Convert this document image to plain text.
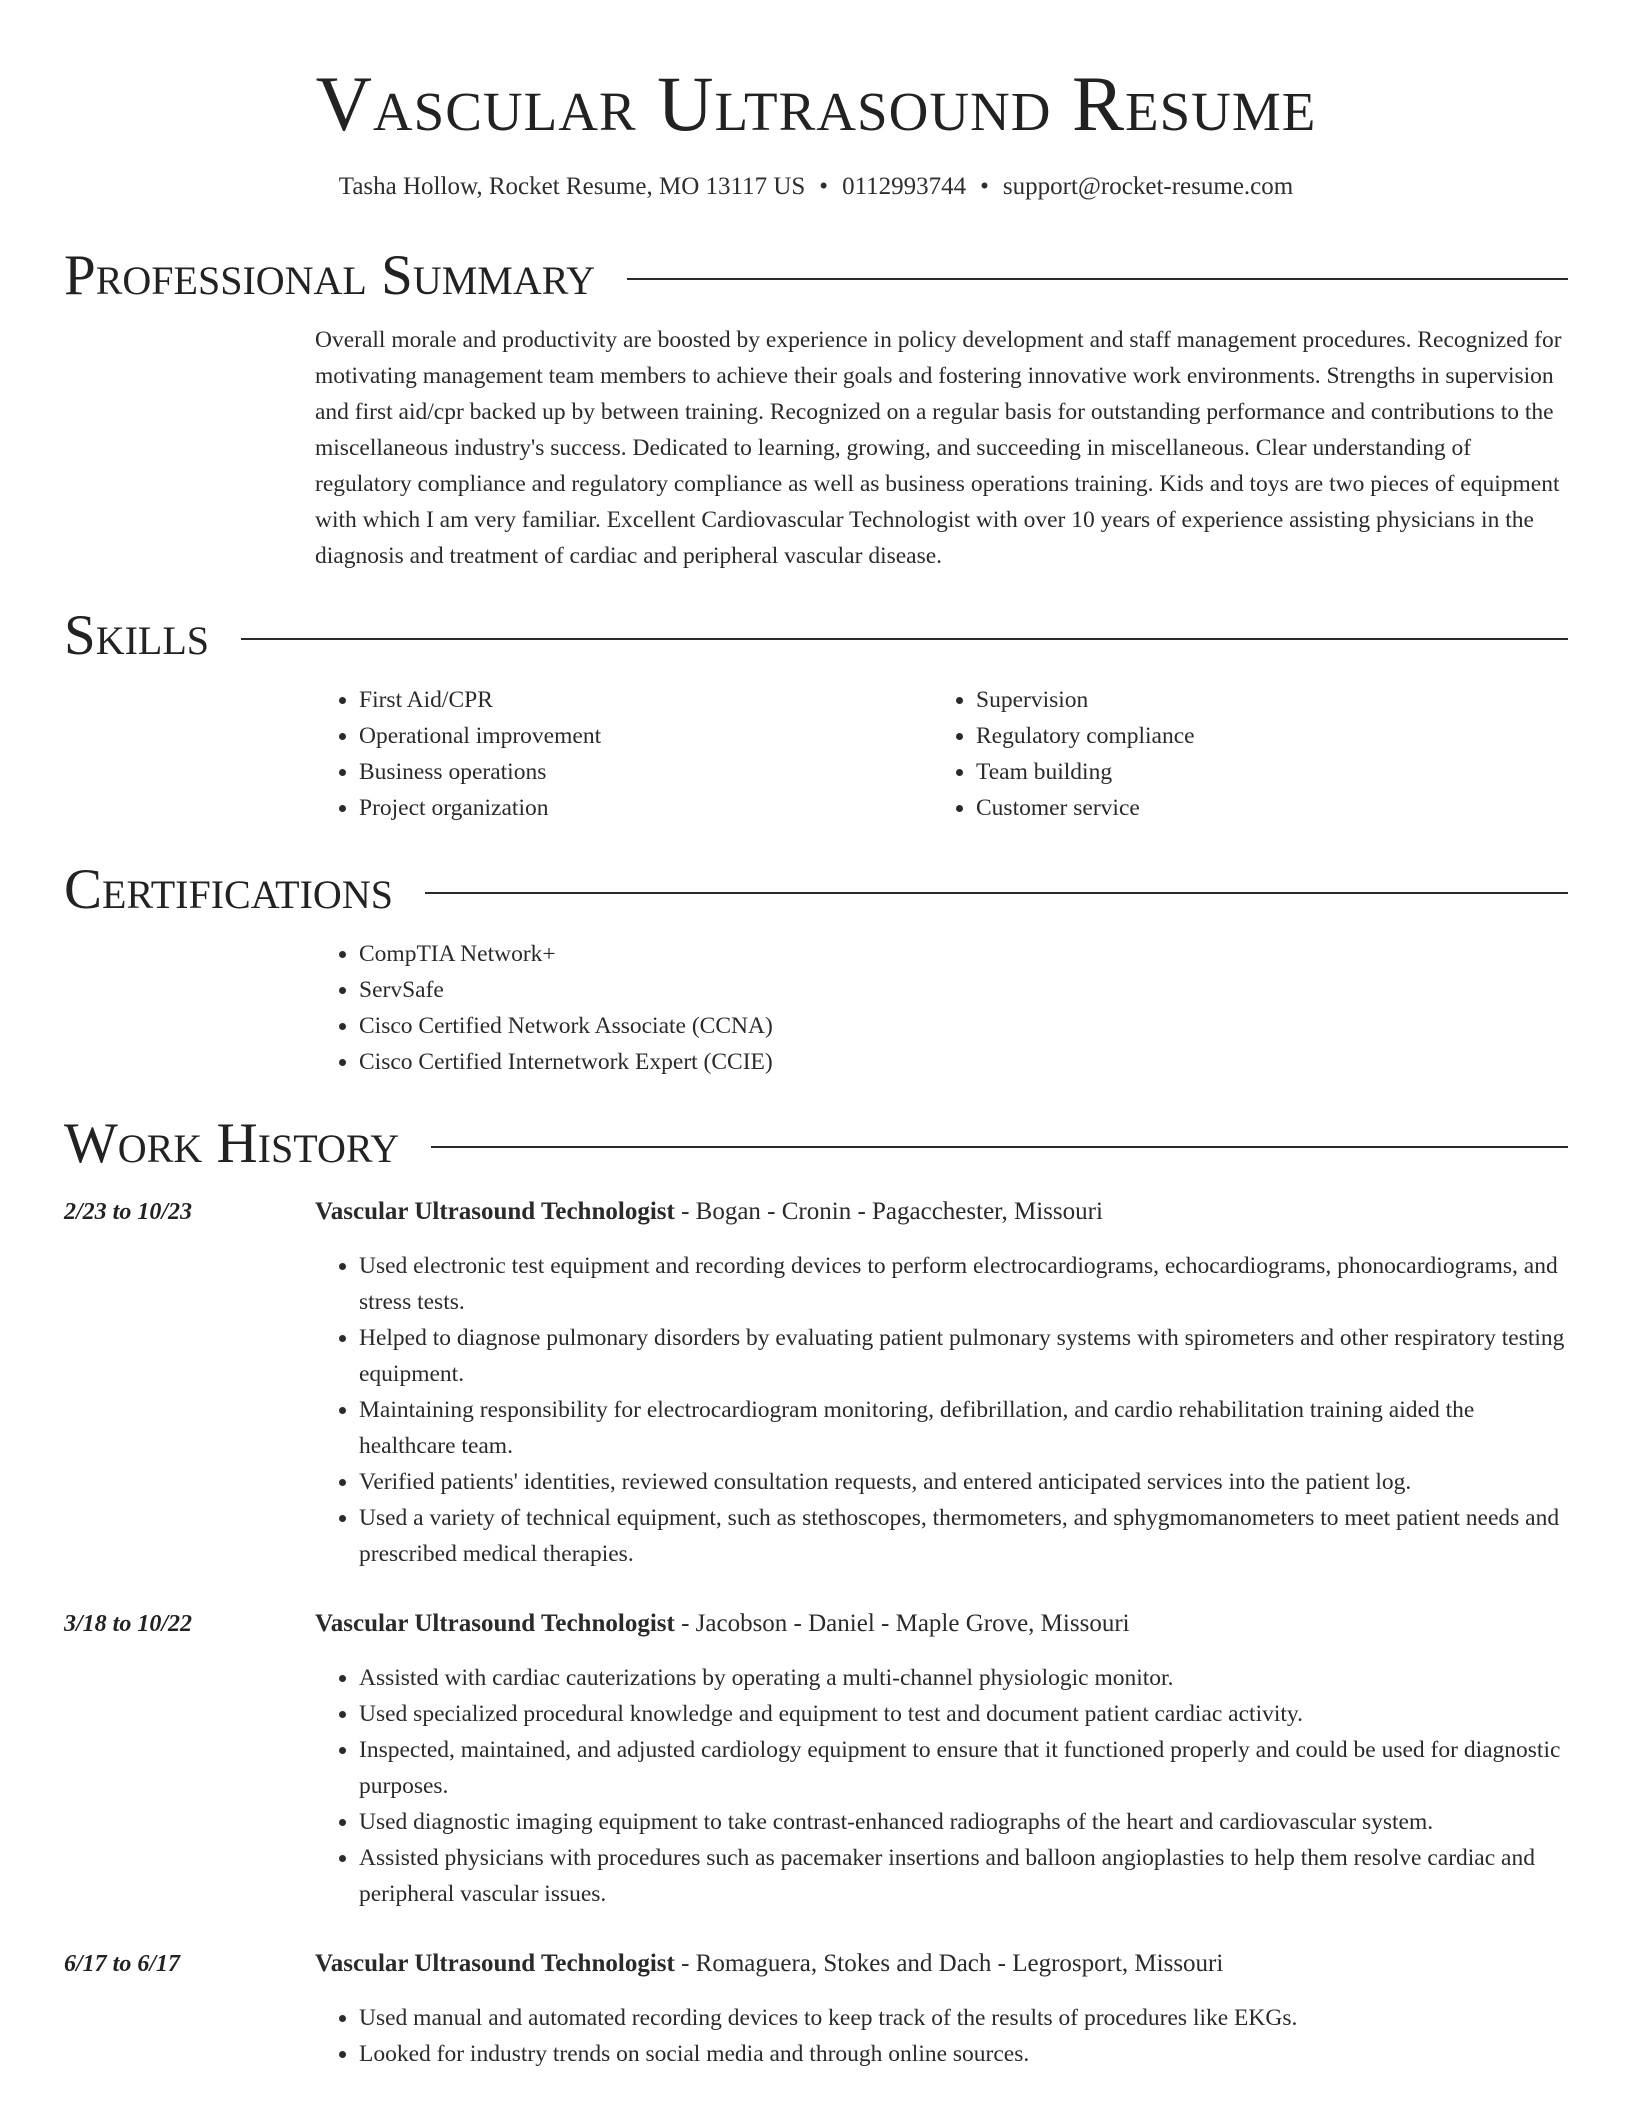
Vascular Ultrasound Resume
Tasha Hollow, Rocket Resume, MO 13117 US • 0112993744 • support@rocket-resume.com
Professional Summary

Overall morale and productivity are boosted by experience in policy development and staff management procedures. Recognized for motivating management team members to achieve their goals and fostering innovative work environments. Strengths in supervision and first aid/cpr backed up by between training. Recognized on a regular basis for outstanding performance and contributions to the miscellaneous industry's success. Dedicated to learning, growing, and succeeding in miscellaneous. Clear understanding of regulatory compliance and regulatory compliance as well as business operations training. Kids and toys are two pieces of equipment with which I am very familiar. Excellent Cardiovascular Technologist with over 10 years of experience assisting physicians in the diagnosis and treatment of cardiac and peripheral vascular disease.

Skills
• First Aid/CPR
• Operational improvement
• Business operations
• Project organization
• Supervision
• Regulatory compliance
• Team building
• Customer service
Certifications
• CompTIA Network+
• ServSafe
• Cisco Certified Network Associate (CCNA)
• Cisco Certified Internetwork Expert (CCIE)
Work History
2/23 to 10/23	Vascular Ultrasound Technologist - Bogan - Cronin - Pagacchester, Missouri
• Used electronic test equipment and recording devices to perform electrocardiograms, echocardiograms, phonocardiograms, and stress tests.
• Helped to diagnose pulmonary disorders by evaluating patient pulmonary systems with spirometers and other respiratory testing equipment.
• Maintaining responsibility for electrocardiogram monitoring, defibrillation, and cardio rehabilitation training aided the healthcare team.
• Verified patients' identities, reviewed consultation requests, and entered anticipated services into the patient log.
• Used a variety of technical equipment, such as stethoscopes, thermometers, and sphygmomanometers to meet patient needs and prescribed medical therapies.
3/18 to 10/22	Vascular Ultrasound Technologist - Jacobson - Daniel - Maple Grove, Missouri
• Assisted with cardiac cauterizations by operating a multi-channel physiologic monitor.
• Used specialized procedural knowledge and equipment to test and document patient cardiac activity.
• Inspected, maintained, and adjusted cardiology equipment to ensure that it functioned properly and could be used for diagnostic purposes.
• Used diagnostic imaging equipment to take contrast-enhanced radiographs of the heart and cardiovascular system.
• Assisted physicians with procedures such as pacemaker insertions and balloon angioplasties to help them resolve cardiac and peripheral vascular issues.
6/17 to 6/17	Vascular Ultrasound Technologist - Romaguera, Stokes and Dach - Legrosport, Missouri
• Used manual and automated recording devices to keep track of the results of procedures like EKGs.
• Looked for industry trends on social media and through online sources.
